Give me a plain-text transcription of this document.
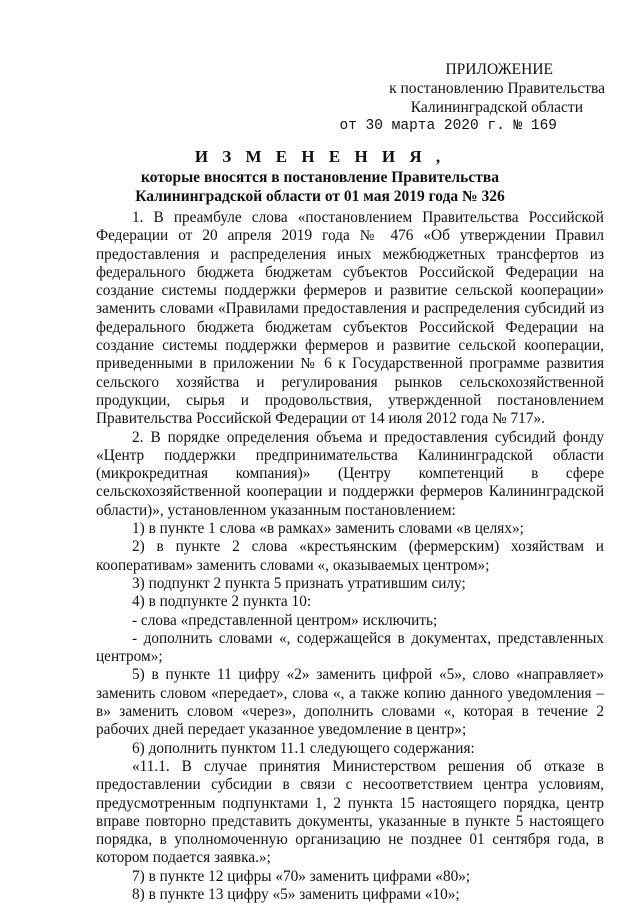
ПРИЛОЖЕНИЕ
к постановлению Правительства
Калининградской области
от 30 марта 2020 г. № 169
И З М Е Н Е Н И Я ,
которые вносятся в постановление Правительства
Калининградской области от 01 мая 2019 года № 326

1. В преамбуле слова «постановлением Правительства Российской Федерации от 20 апреля 2019 года № 476 «Об утверждении Правил предоставления и распределения иных межбюджетных трансфертов из федерального бюджета бюджетам субъектов Российской Федерации на создание системы поддержки фермеров и развитие сельской кооперации» заменить словами «Правилами предоставления и распределения субсидий из федерального бюджета бюджетам субъектов Российской Федерации на создание системы поддержки фермеров и развитие сельской кооперации, приведенными в приложении № 6 к Государственной программе развития сельского хозяйства и регулирования рынков сельскохозяйственной продукции, сырья и продовольствия, утвержденной постановлением Правительства Российской Федерации от 14 июля 2012 года № 717».

2. В порядке определения объема и предоставления субсидий фонду «Центр поддержки предпринимательства Калининградской области (микрокредитная компания)» (Центру компетенций в сфере сельскохозяйственной кооперации и поддержки фермеров Калининградской области)», установленном указанным постановлением:

1) в пункте 1 слова «в рамках» заменить словами «в целях»;

2) в пункте 2 слова «крестьянским (фермерским) хозяйствам и кооперативам» заменить словами «, оказываемых центром»;

3) подпункт 2 пункта 5 признать утратившим силу;

4) в подпункте 2 пункта 10:

- слова «представленной центром» исключить;

- дополнить словами «, содержащейся в документах, представленных центром»;

5) в пункте 11 цифру «2» заменить цифрой «5», слово «направляет» заменить словом «передает», слова «, а также копию данного уведомления – в» заменить словом «через», дополнить словами «, которая в течение 2 рабочих дней передает указанное уведомление в центр»;

6) дополнить пунктом 11.1 следующего содержания:

«11.1. В случае принятия Министерством решения об отказе в предоставлении субсидии в связи с несоответствием центра условиям, предусмотренным подпунктами 1, 2 пункта 15 настоящего порядка, центр вправе повторно представить документы, указанные в пункте 5 настоящего порядка, в уполномоченную организацию не позднее 01 сентября года, в котором подается заявка.»;

7) в пункте 12 цифры «70» заменить цифрами «80»;

8) в пункте 13 цифру «5» заменить цифрами «10»;
